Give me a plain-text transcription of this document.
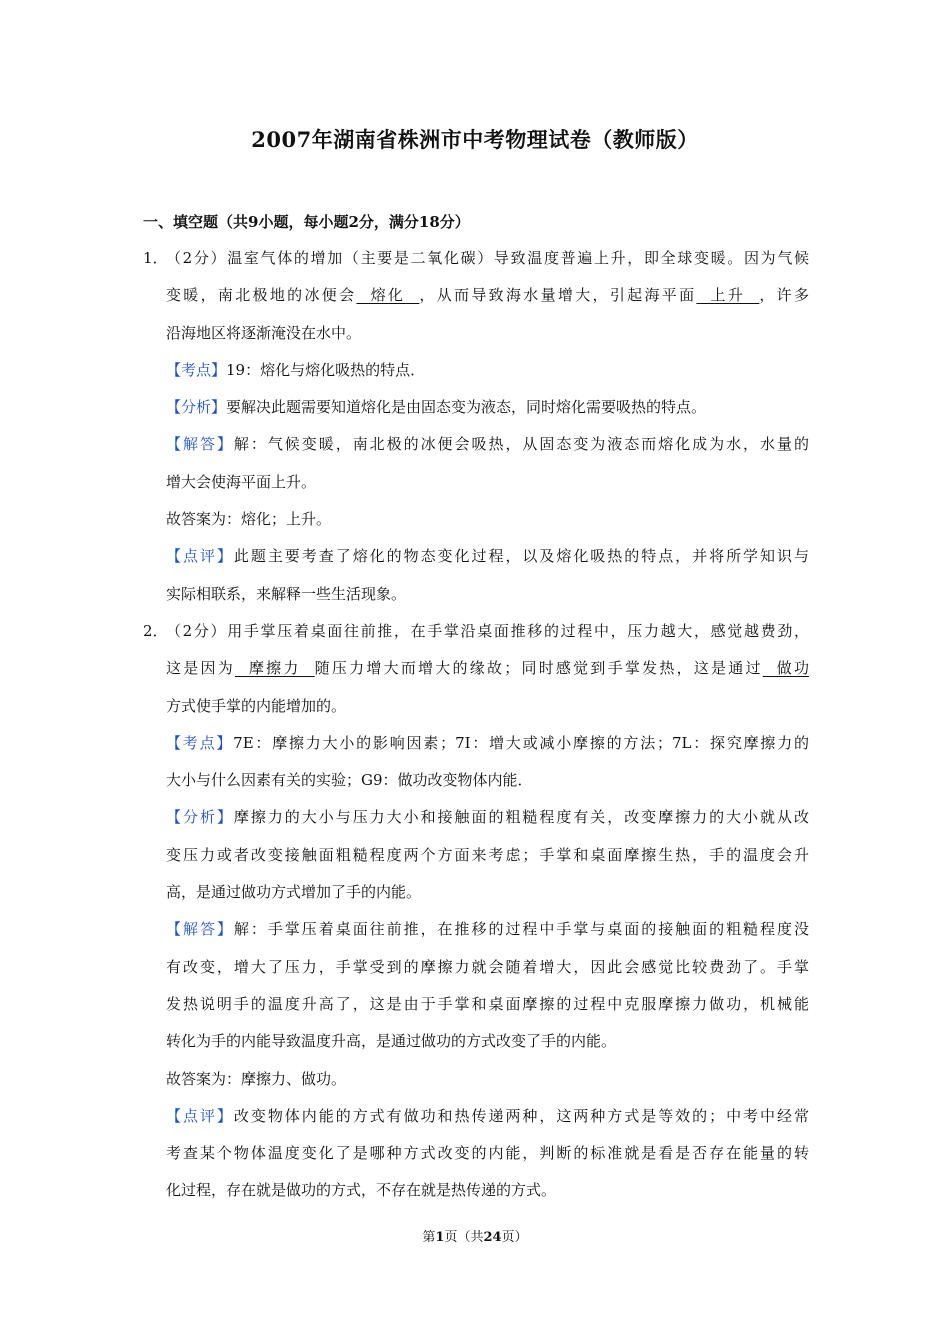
2007年湖南省株洲市中考物理试卷（教师版）
一、填空题（共9小题，每小题2分，满分18分）
1．
（2分）温室气体的增加（主要是二氧化碳）导致温度普遍上升，即全球变暖。因为气候
变暖，南北极地的冰便会  熔化  ，从而导致海水量增大，引起海平面  上升  ，许多
沿海地区将逐渐淹没在水中。
【考点】19：熔化与熔化吸热的特点．
【分析】要解决此题需要知道熔化是由固态变为液态，同时熔化需要吸热的特点。
【解答】解：气候变暖，南北极的冰便会吸热，从固态变为液态而熔化成为水，水量的
增大会使海平面上升。
故答案为：熔化；上升。
【点评】此题主要考查了熔化的物态变化过程，以及熔化吸热的特点，并将所学知识与
实际相联系，来解释一些生活现象。
2．
（2分）用手掌压着桌面往前推，在手掌沿桌面推移的过程中，压力越大，感觉越费劲，
这是因为  摩擦力  随压力增大而增大的缘故；同时感觉到手掌发热，这是通过  做功
方式使手掌的内能增加的。
【考点】7E：摩擦力大小的影响因素；7I：增大或减小摩擦的方法；7L：探究摩擦力的
大小与什么因素有关的实验；G9：做功改变物体内能．
【分析】摩擦力的大小与压力大小和接触面的粗糙程度有关，改变摩擦力的大小就从改
变压力或者改变接触面粗糙程度两个方面来考虑；手掌和桌面摩擦生热，手的温度会升
高，是通过做功方式增加了手的内能。
【解答】解：手掌压着桌面往前推，在推移的过程中手掌与桌面的接触面的粗糙程度没
有改变，增大了压力，手掌受到的摩擦力就会随着增大，因此会感觉比较费劲了。手掌
发热说明手的温度升高了，这是由于手掌和桌面摩擦的过程中克服摩擦力做功，机械能
转化为手的内能导致温度升高，是通过做功的方式改变了手的内能。
故答案为：摩擦力、做功。
【点评】改变物体内能的方式有做功和热传递两种，这两种方式是等效的；中考中经常
考查某个物体温度变化了是哪种方式改变的内能，判断的标准就是看是否存在能量的转
化过程，存在就是做功的方式，不存在就是热传递的方式。
第1页（共24页）
